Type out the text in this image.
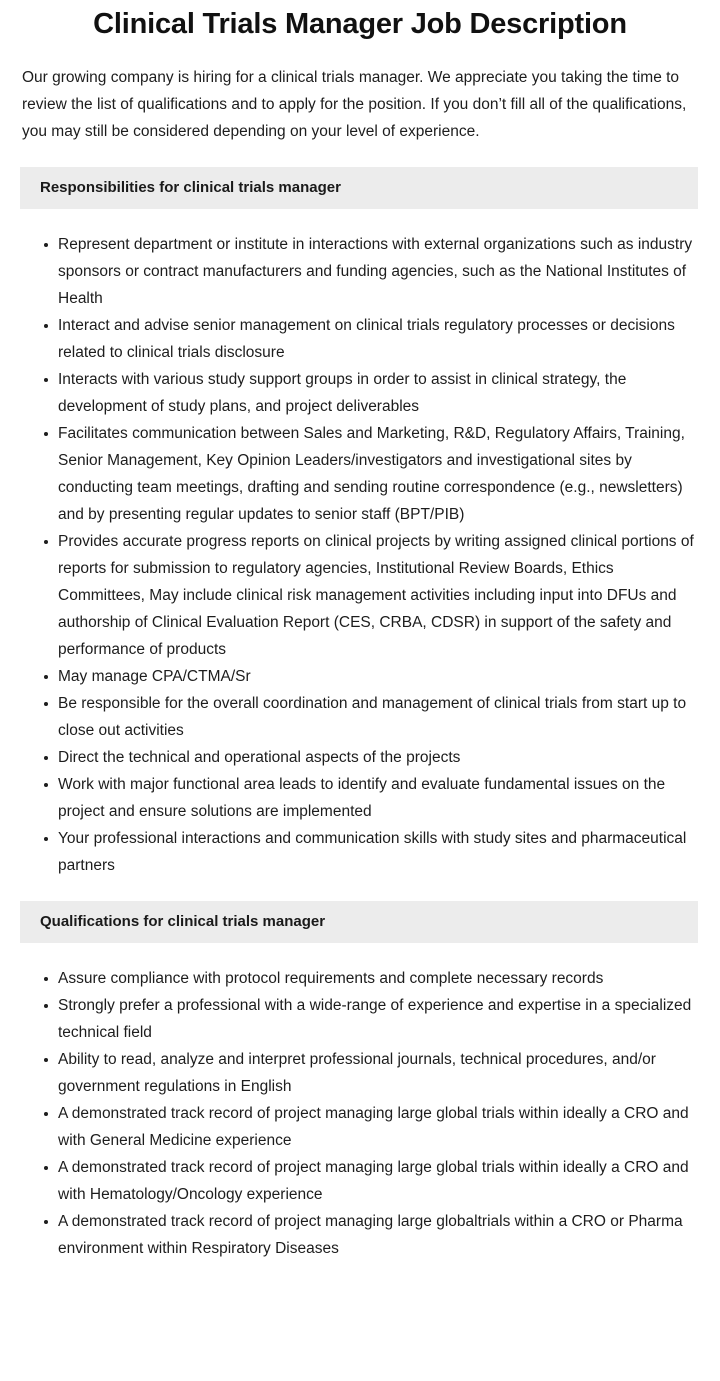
Clinical Trials Manager Job Description

Our growing company is hiring for a clinical trials manager. We appreciate you taking the time to review the list of qualifications and to apply for the position. If you don’t fill all of the qualifications, you may still be considered depending on your level of experience.

Responsibilities for clinical trials manager
Represent department or institute in interactions with external organizations such as industry sponsors or contract manufacturers and funding agencies, such as the National Institutes of Health
Interact and advise senior management on clinical trials regulatory processes or decisions related to clinical trials disclosure
Interacts with various study support groups in order to assist in clinical strategy, the development of study plans, and project deliverables
Facilitates communication between Sales and Marketing, R&D, Regulatory Affairs, Training, Senior Management, Key Opinion Leaders/investigators and investigational sites by conducting team meetings, drafting and sending routine correspondence (e.g., newsletters) and by presenting regular updates to senior staff (BPT/PIB)
Provides accurate progress reports on clinical projects by writing assigned clinical portions of reports for submission to regulatory agencies, Institutional Review Boards, Ethics Committees, May include clinical risk management activities including input into DFUs and authorship of Clinical Evaluation Report (CES, CRBA, CDSR) in support of the safety and performance of products
May manage CPA/CTMA/Sr
Be responsible for the overall coordination and management of clinical trials from start up to close out activities
Direct the technical and operational aspects of the projects
Work with major functional area leads to identify and evaluate fundamental issues on the project and ensure solutions are implemented
Your professional interactions and communication skills with study sites and pharmaceutical partners
Qualifications for clinical trials manager
Assure compliance with protocol requirements and complete necessary records
Strongly prefer a professional with a wide-range of experience and expertise in a specialized technical field
Ability to read, analyze and interpret professional journals, technical procedures, and/or government regulations in English
A demonstrated track record of project managing large global trials within ideally a CRO and with General Medicine experience
A demonstrated track record of project managing large global trials within ideally a CRO and with Hematology/Oncology experience
A demonstrated track record of project managing large globaltrials within a CRO or Pharma environment within Respiratory Diseases
